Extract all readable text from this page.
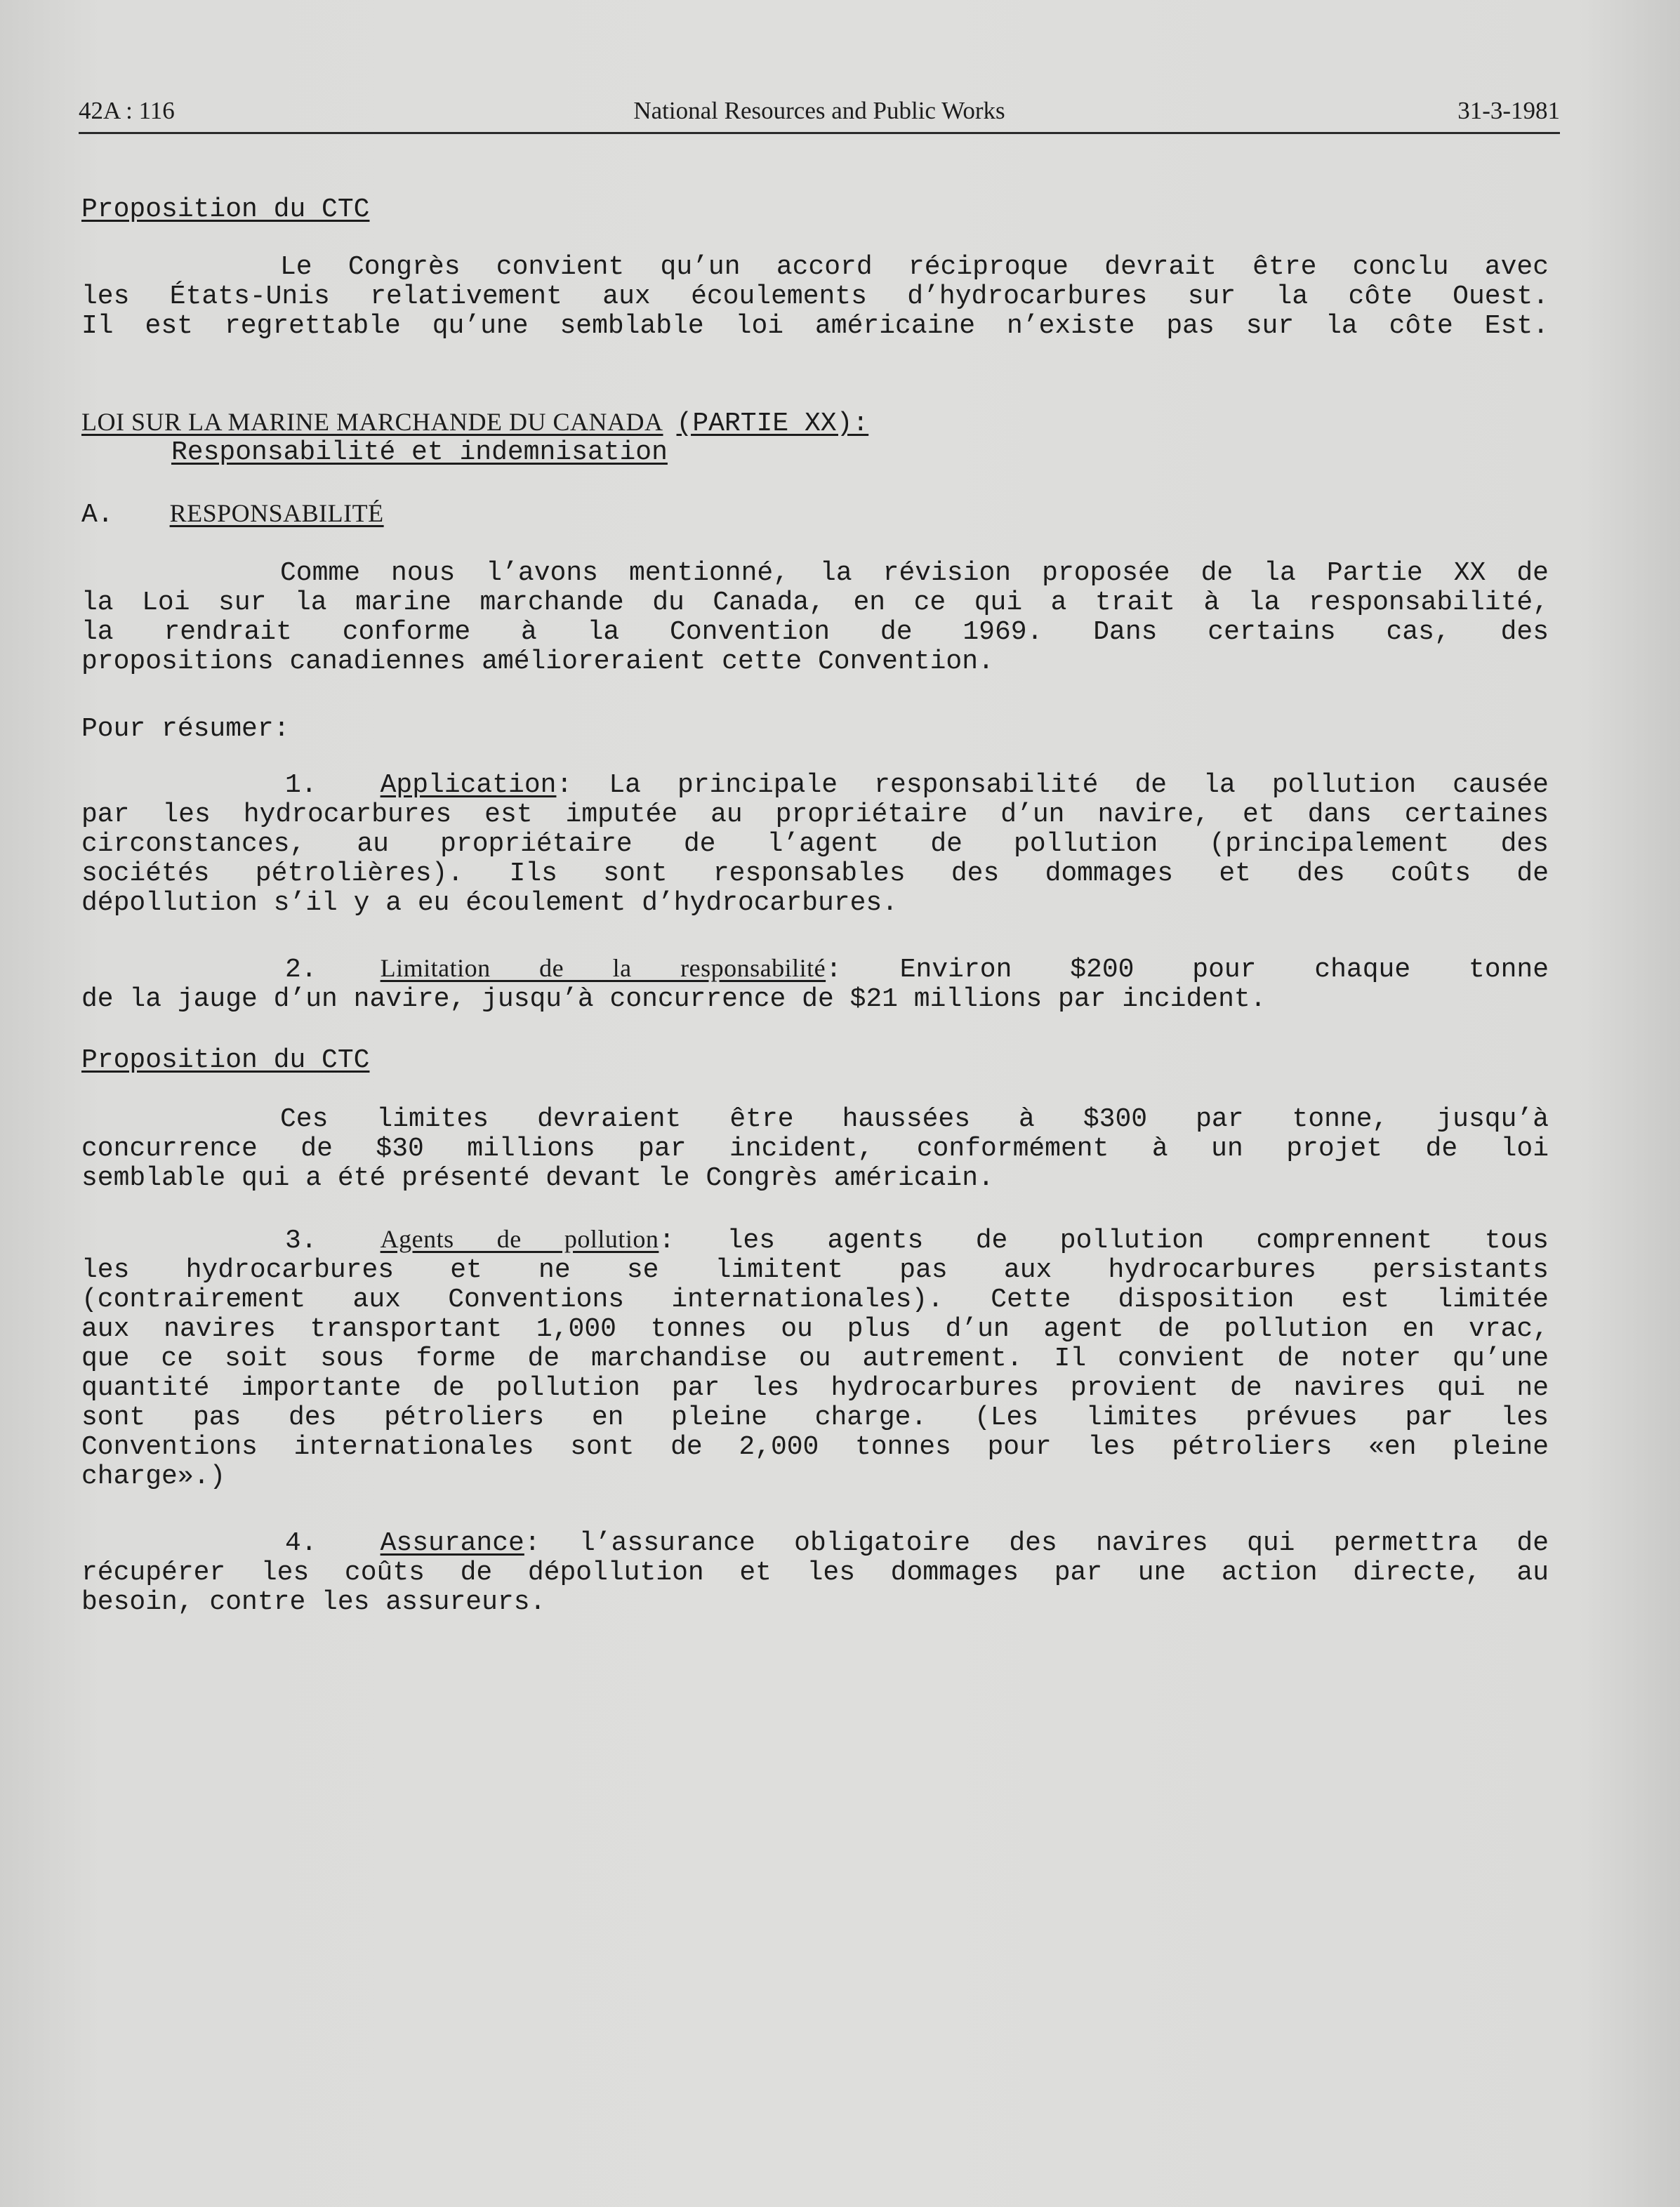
42A : 116	National Resources and Public Works	31-3-1981
Proposition du CTC
Le Congrès convient qu’un accord réciproque devrait être conclu avec
les États-Unis relativement aux écoulements d’hydrocarbures sur la côte Ouest.
Il est regrettable qu’une semblable loi américaine n’existe pas sur la côte Est.
LOI SUR LA MARINE MARCHANDE DU CANADA (PARTIE XX):
Responsabilité et indemnisation
A. RESPONSABILITÉ
Comme nous l’avons mentionné, la révision proposée de la Partie XX de
la Loi sur la marine marchande du Canada, en ce qui a trait à la responsabilité,
la rendrait conforme à la Convention de 1969. Dans certains cas, des
propositions canadiennes amélioreraient cette Convention.
Pour résumer:
1. Application: La principale responsabilité de la pollution causée
par les hydrocarbures est imputée au propriétaire d’un navire, et dans certaines
circonstances, au propriétaire de l’agent de pollution (principalement des
sociétés pétrolières). Ils sont responsables des dommages et des coûts de
dépollution s’il y a eu écoulement d’hydrocarbures.
2.	Limitation de la responsabilité: Environ $200 pour chaque tonne
de la jauge d’un navire, jusqu’à concurrence de $21 millions par incident.
Proposition du CTC
Ces limites devraient être haussées à $300 par tonne, jusqu’à
concurrence de $30 millions par incident, conformément à un projet de loi
semblable qui a été présenté devant le Congrès américain.
3.	Agents de pollution: les agents de pollution comprennent tous
les hydrocarbures et ne se limitent pas aux hydrocarbures persistants
(contrairement aux Conventions internationales). Cette disposition est limitée
aux navires transportant 1,000 tonnes ou plus d’un agent de pollution en vrac,
que ce soit sous forme de marchandise ou autrement. Il convient de noter qu’une
quantité importante de pollution par les hydrocarbures provient de navires qui ne
sont pas des pétroliers en pleine charge. (Les limites prévues par les
Conventions internationales sont de 2,000 tonnes pour les pétroliers «en pleine
charge».)
4. Assurance: l’assurance obligatoire des navires qui permettra de
récupérer les coûts de dépollution et les dommages par une action directe, au
besoin, contre les assureurs.
